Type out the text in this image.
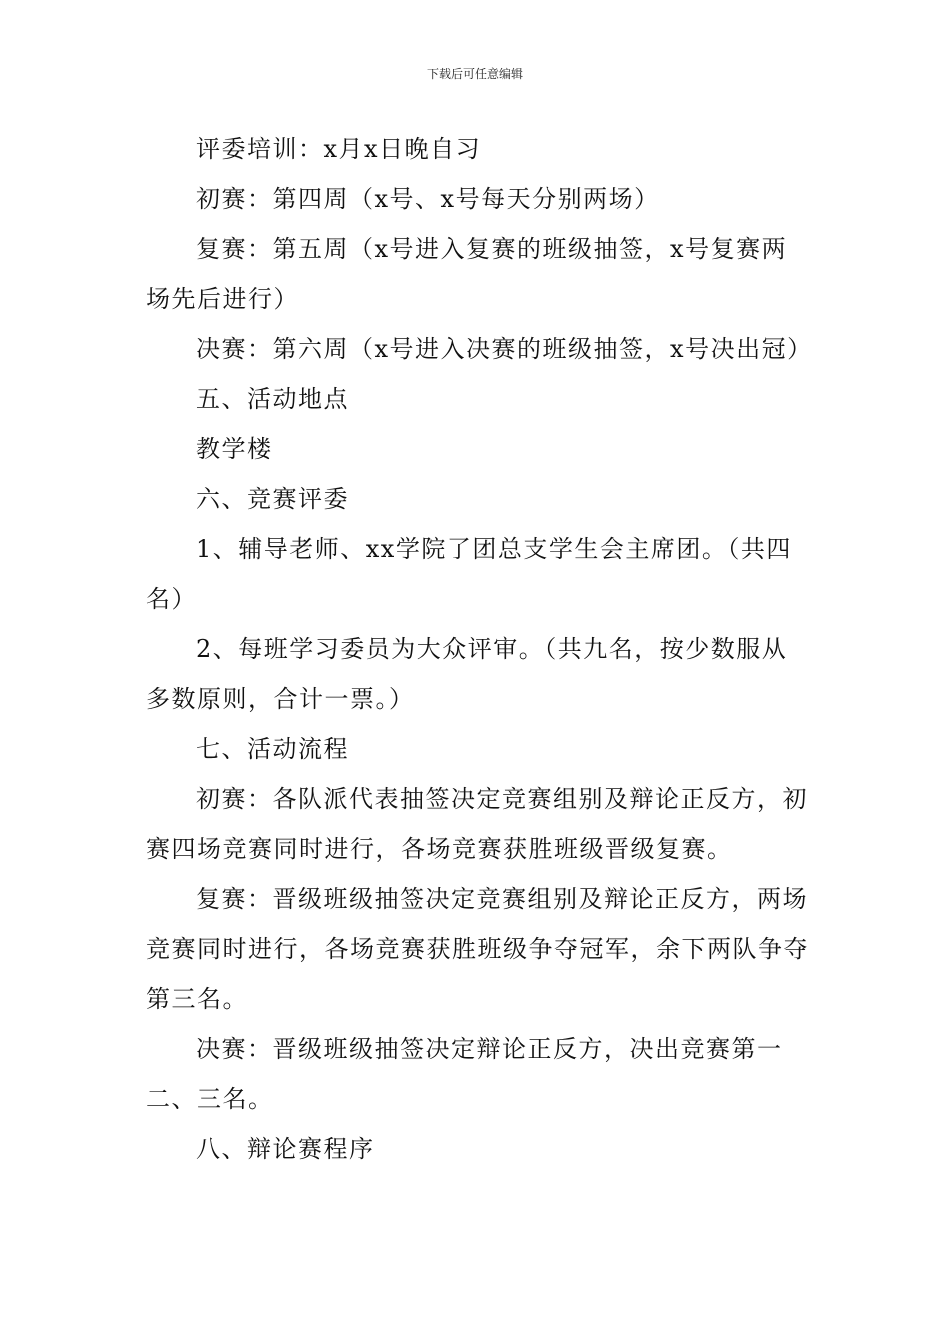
下载后可任意编辑

评委培训：x月x日晚自习

初赛：第四周（x号、x号每天分别两场）

复赛：第五周（x号进入复赛的班级抽签，x号复赛两场先后进行）

决赛：第六周（x号进入决赛的班级抽签，x号决出冠）

五、活动地点

教学楼

六、竞赛评委

1、辅导老师、xx学院了团总支学生会主席团。（共四名）

2、每班学习委员为大众评审。（共九名，按少数服从多数原则，合计一票。）

七、活动流程

初赛：各队派代表抽签决定竞赛组别及辩论正反方，初赛四场竞赛同时进行，各场竞赛获胜班级晋级复赛。

复赛：晋级班级抽签决定竞赛组别及辩论正反方，两场竞赛同时进行，各场竞赛获胜班级争夺冠军，余下两队争夺第三名。

决赛：晋级班级抽签决定辩论正反方，决出竞赛第一二、三名。

八、辩论赛程序
